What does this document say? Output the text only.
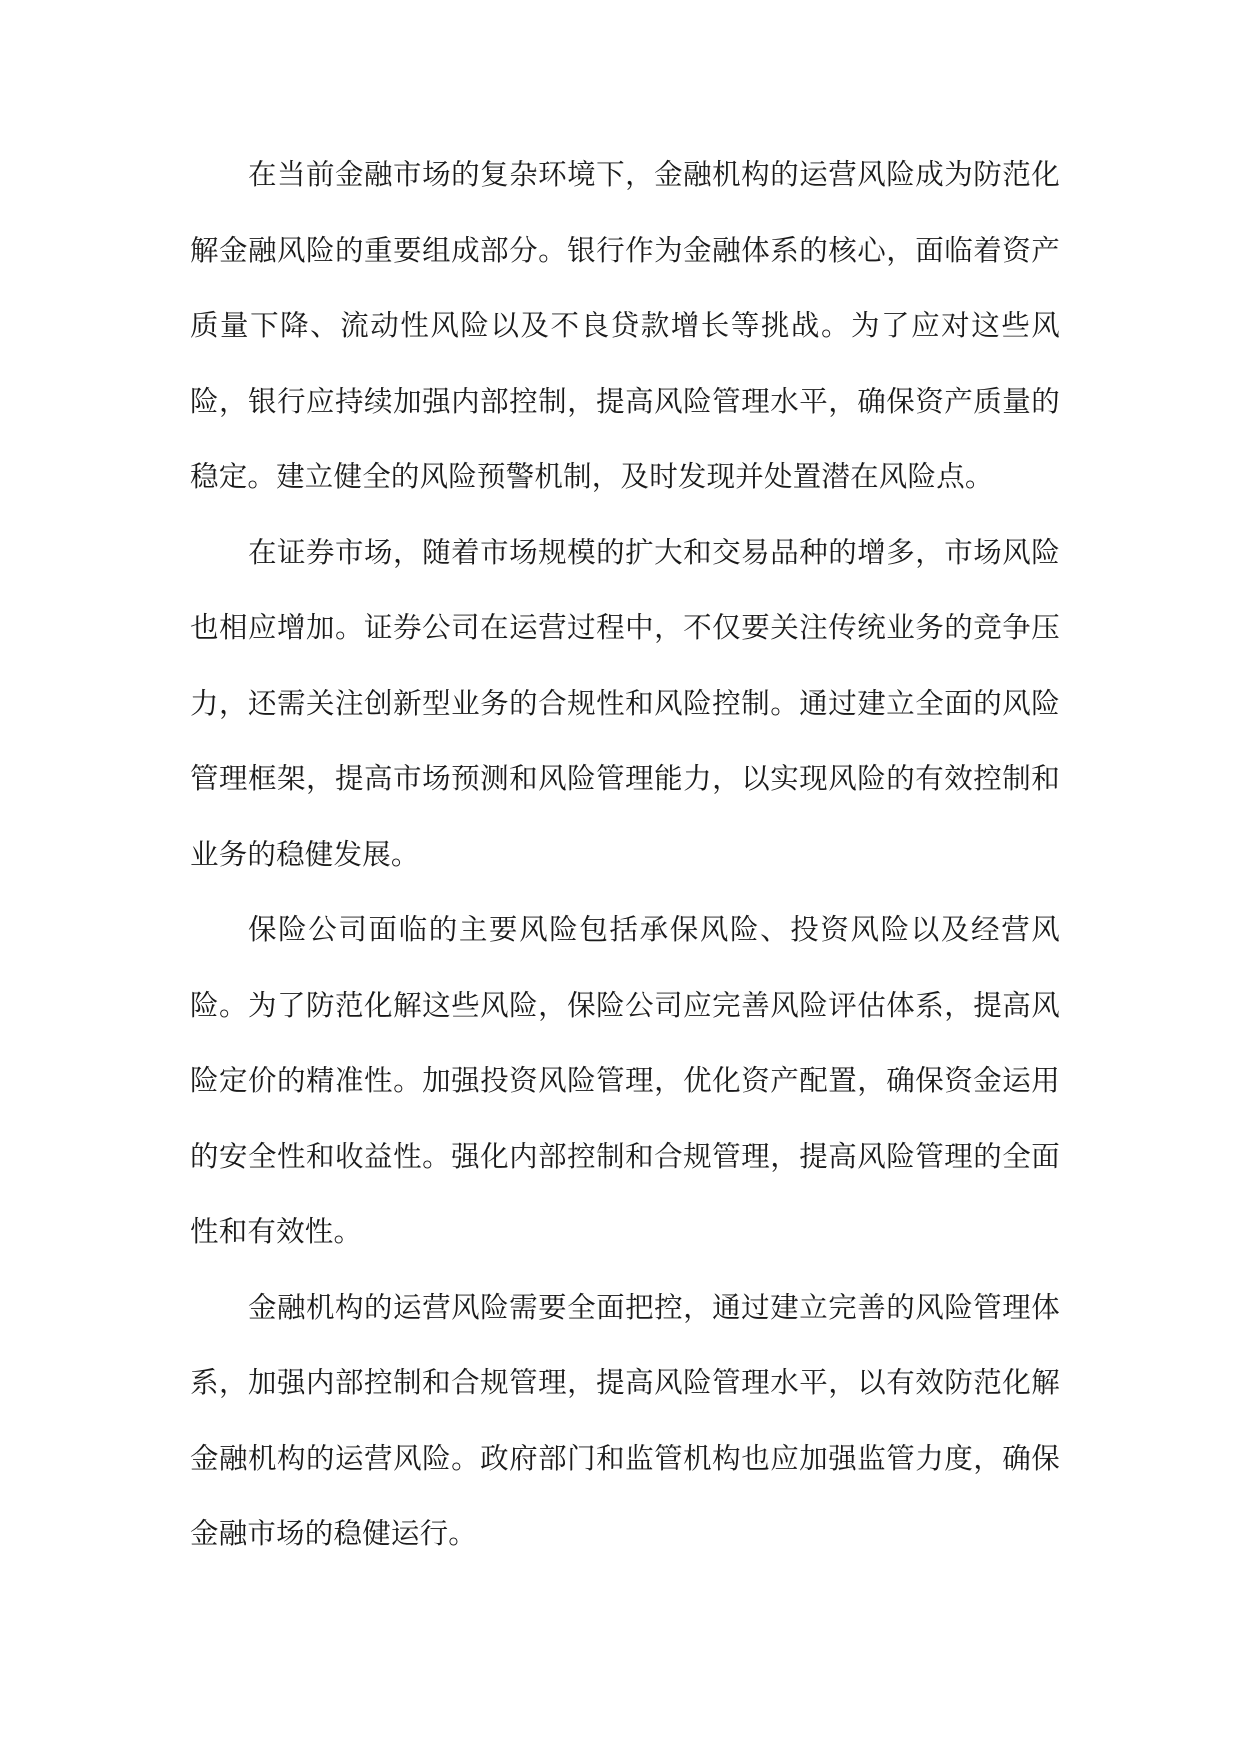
在当前金融市场的复杂环境下，金融机构的运营风险成为防范化解金融风险的重要组成部分。银行作为金融体系的核心，面临着资产质量下降、流动性风险以及不良贷款增长等挑战。为了应对这些风险，银行应持续加强内部控制，提高风险管理水平，确保资产质量的稳定。建立健全的风险预警机制，及时发现并处置潜在风险点。

在证券市场，随着市场规模的扩大和交易品种的增多，市场风险也相应增加。证券公司在运营过程中，不仅要关注传统业务的竞争压力，还需关注创新型业务的合规性和风险控制。通过建立全面的风险管理框架，提高市场预测和风险管理能力，以实现风险的有效控制和业务的稳健发展。

保险公司面临的主要风险包括承保风险、投资风险以及经营风险。为了防范化解这些风险，保险公司应完善风险评估体系，提高风险定价的精准性。加强投资风险管理，优化资产配置，确保资金运用的安全性和收益性。强化内部控制和合规管理，提高风险管理的全面性和有效性。

金融机构的运营风险需要全面把控，通过建立完善的风险管理体系，加强内部控制和合规管理，提高风险管理水平，以有效防范化解金融机构的运营风险。政府部门和监管机构也应加强监管力度，确保金融市场的稳健运行。
